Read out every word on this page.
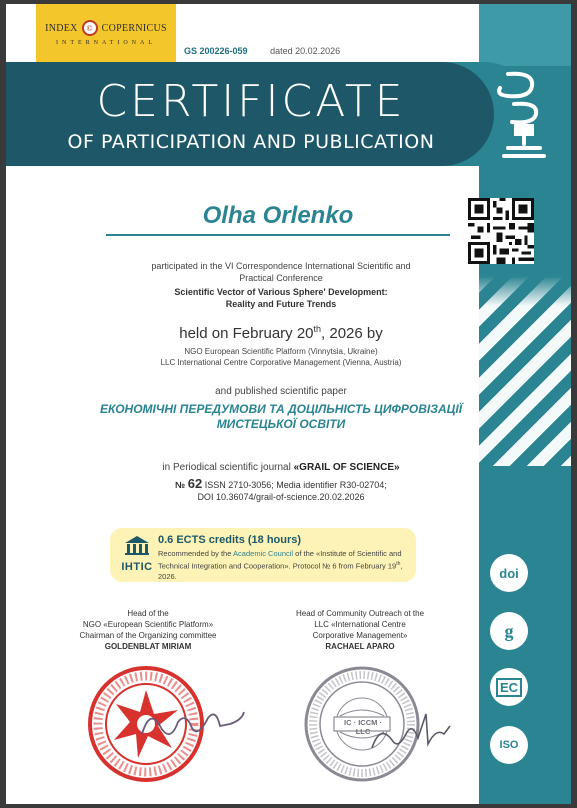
INDEX	© COPERNICUS
INTERNATIONAL
GS 200226-059	dated 20.02.2026
CERTIFICATE
OF PARTICIPATION AND PUBLICATION
Olha Orlenko
participated in the VI Correspondence International Scientific and Practical Conference
Scientific Vector of Various Sphere' Development:
Reality and Future Trends
held on February 20th, 2026 by
NGO European Scientific Platform (Vinnytsia, Ukraine)
LLC International Centre Corporative Management (Vienna, Austria)
and published scientific paper
ЕКОНОМІЧНІ ПЕРЕДУМОВИ ТА ДОЦІЛЬНІСТЬ ЦИФРОВІЗАЦІЇ
МИСТЕЦЬКОЇ ОСВІТИ
in Periodical scientific journal «GRAIL OF SCIENCE»
№ 62 ISSN 2710-3056; Media identifier R30-02704;
DOI 10.36074/grail-of-science.20.02.2026
IHTIC
0.6 ECTS credits (18 hours)
Recommended by the Academic Council of the «Institute of Scientific and Technical Integration and Cooperation». Protocol № 6 from February 19th, 2026.
Head of the
NGO «European Scientific Platform»
Chairman of the Organizing committee
GOLDENBLAT MIRIAM
Head of Community Outreach ot the
LLC «International Centre
Corporative Management»
RACHAEL APARO
IC · ICCM · LLC
doi
g
EC
ISO
